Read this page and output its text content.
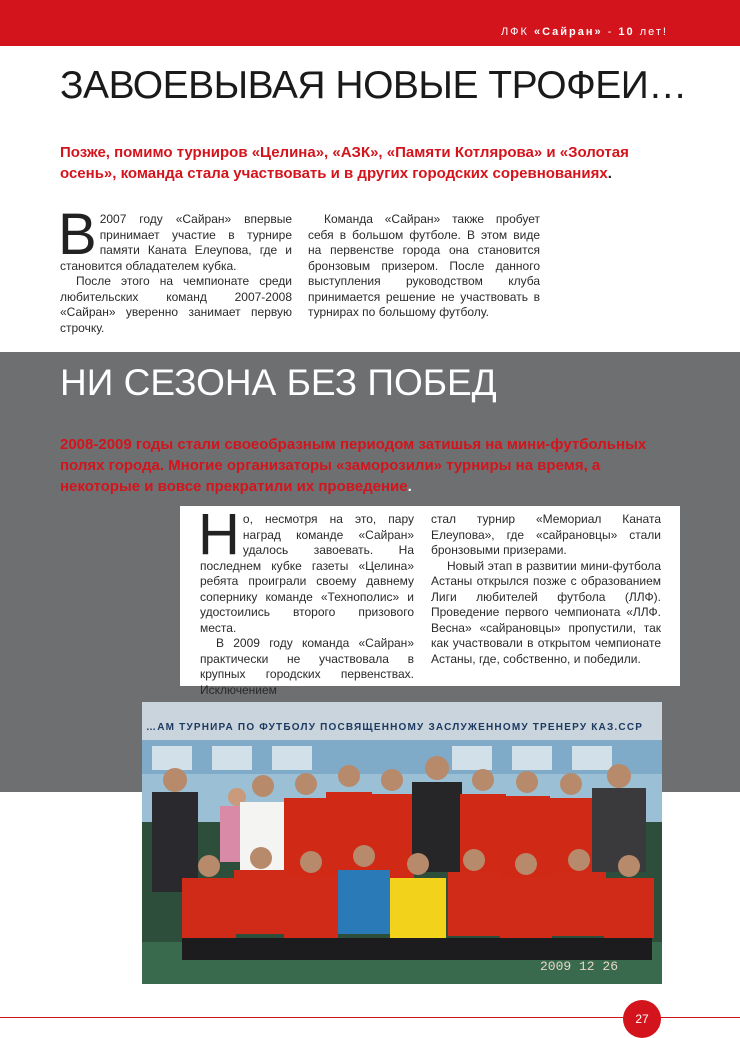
ЛФК «Сайран» - 10 лет!
ЗАВОЕВЫВАЯ НОВЫЕ ТРОФЕИ…
Позже, помимо турниров «Целина», «АЗК», «Памяти Котлярова» и «Золотая осень», команда стала участвовать и в других городских соревнованиях.

В 2007 году «Сайран» впервые принимает участие в турнире памяти Каната Елеупова, где и становится обладателем кубка.

После этого на чемпионате среди любительских команд 2007-2008 «Сайран» уверенно занимает первую строчку.

Команда «Сайран» также пробует себя в большом футболе. В этом виде на первенстве города она становится бронзовым призером. После данного выступления руководством клуба принимается решение не участвовать в турнирах по большому футболу.

НИ СЕЗОНА БЕЗ ПОБЕД
2008-2009 годы стали своеобразным периодом затишья на мини-футбольных полях города. Многие организаторы «заморозили» турниры на время, а некоторые и вовсе прекратили их проведение.

Но, несмотря на это, пару наград команде «Сайран» удалось завоевать. На последнем кубке газеты «Целина» ребята проиграли своему давнему сопернику команде «Технополис» и удостоились второго призового места.

В 2009 году команда «Сайран» практически не участвовала в крупных городских первенствах. Исключением

стал турнир «Мемориал Каната Елеупова», где «сайрановцы» стали бронзовыми призерами.

Новый этап в развитии мини-футбола Астаны открылся позже с образованием Лиги любителей футбола (ЛЛФ). Проведение первого чемпионата «ЛЛФ. Весна» «сайрановцы» пропустили, так как участвовали в открытом чемпионате Астаны, где, собственно, и победили.

…АМ ТУРНИРА ПО ФУТБОЛУ ПОСВЯЩЕННОМУ ЗАСЛУЖЕННОМУ ТРЕНЕРУ КАЗ.ССР
2009 12 26
27
